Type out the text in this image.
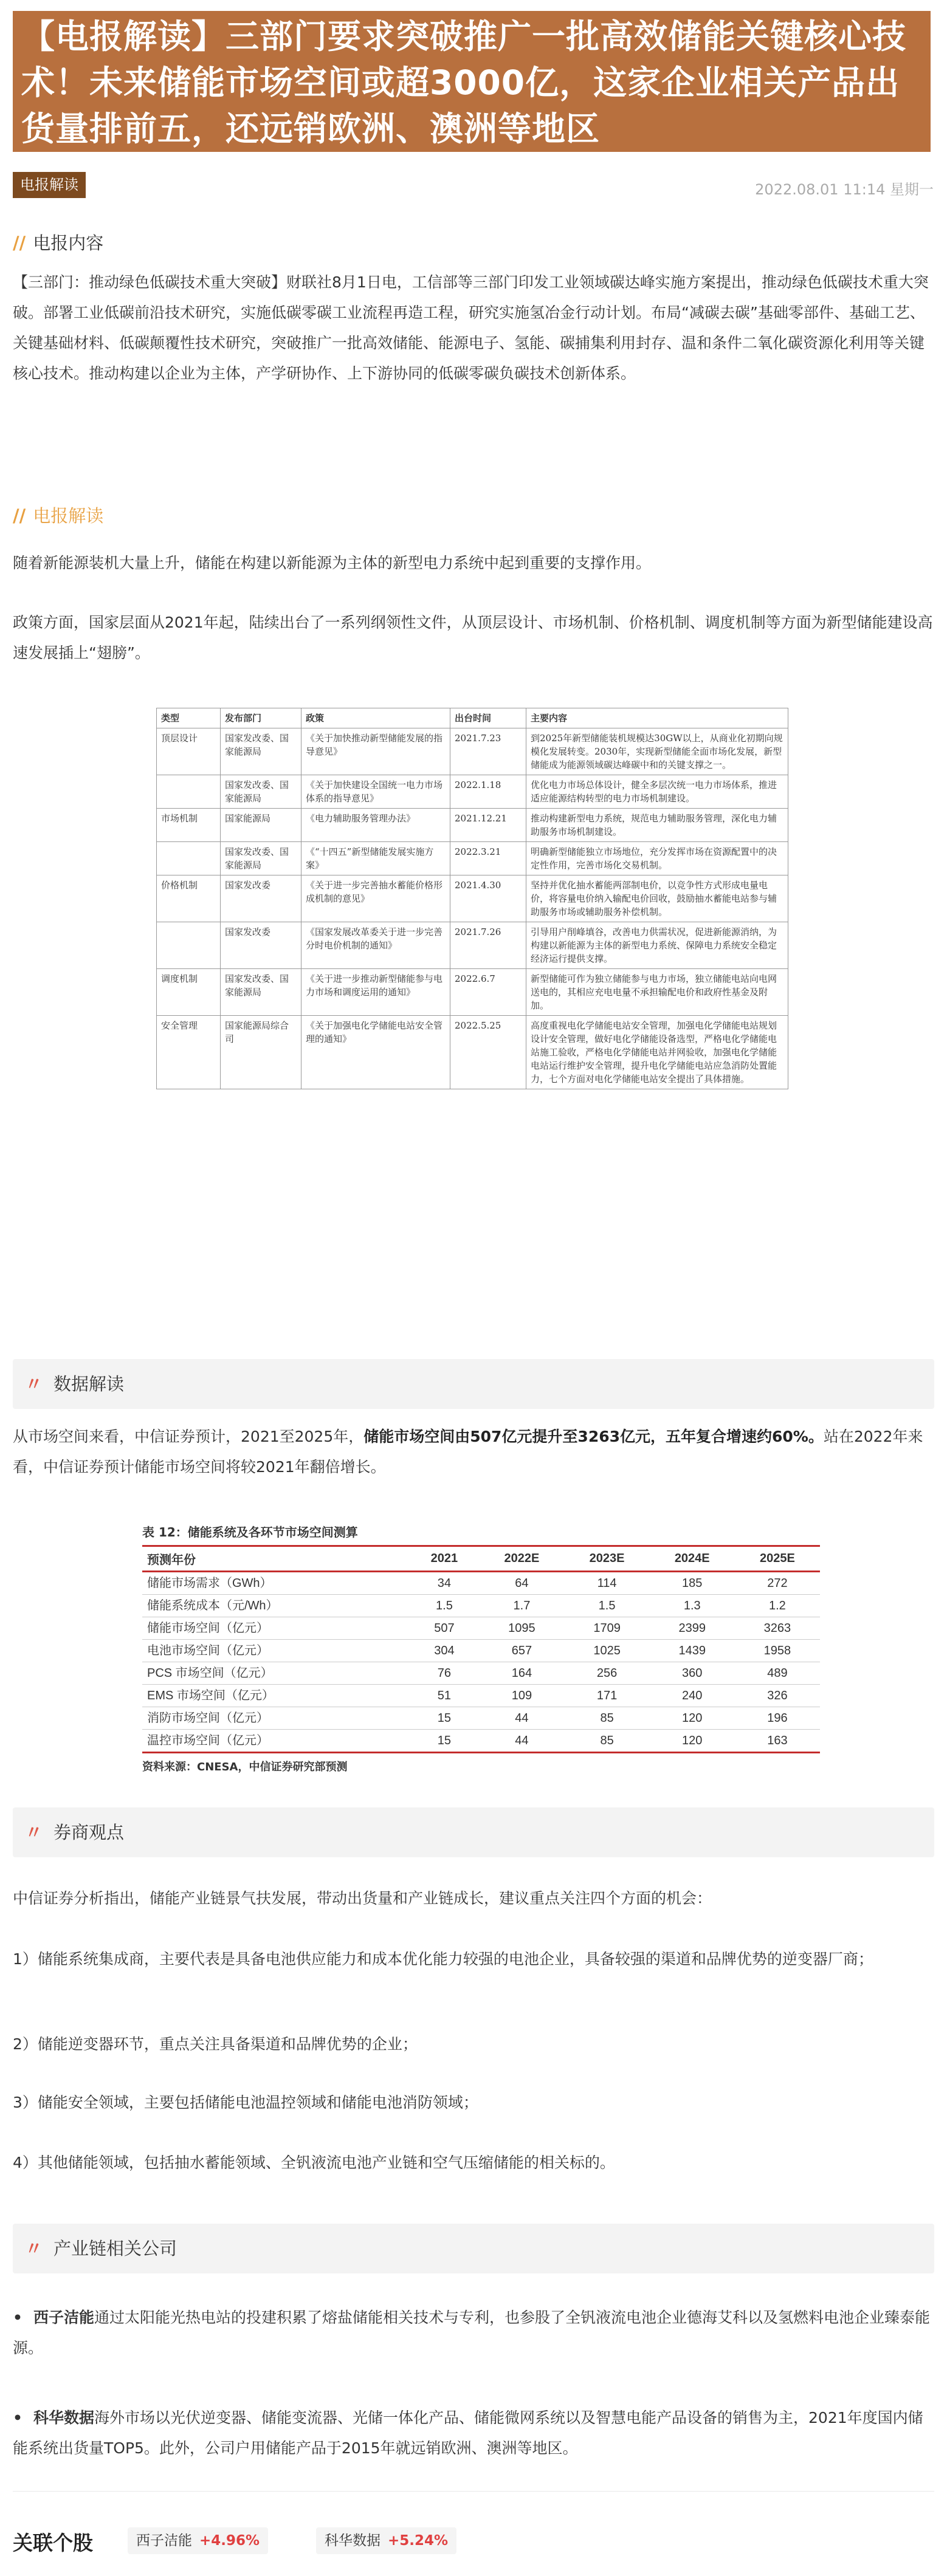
【电报解读】三部门要求突破推广一批高效储能关键核心技术！未来储能市场空间或超3000亿，这家企业相关产品出货量排前五，还远销欧洲、澳洲等地区
电报解读	2022.08.01 11:14 星期一
// 电报内容
【三部门：推动绿色低碳技术重大突破】财联社8月1日电，工信部等三部门印发工业领域碳达峰实施方案提出，推动绿色低碳技术重大突破。部署工业低碳前沿技术研究，实施低碳零碳工业流程再造工程，研究实施氢冶金行动计划。布局“减碳去碳”基础零部件、基础工艺、关键基础材料、低碳颠覆性技术研究，突破推广一批高效储能、能源电子、氢能、碳捕集利用封存、温和条件二氧化碳资源化利用等关键核心技术。推动构建以企业为主体，产学研协作、上下游协同的低碳零碳负碳技术创新体系。
// 电报解读
随着新能源装机大量上升，储能在构建以新能源为主体的新型电力系统中起到重要的支撑作用。
政策方面，国家层面从2021年起，陆续出台了一系列纲领性文件，从顶层设计、市场机制、价格机制、调度机制等方面为新型储能建设高速发展插上“翅膀”。
类型	发布部门	政策	出台时间	主要内容
顶层设计	国家发改委、国家能源局	《关于加快推动新型储能发展的指导意见》	2021.7.23	到2025年新型储能装机规模达30GW以上，从商业化初期向规模化发展转变。2030年，实现新型储能全面市场化发展，新型储能成为能源领域碳达峰碳中和的关键支撑之一。
	国家发改委、国家能源局	《关于加快建设全国统一电力市场体系的指导意见》	2022.1.18	优化电力市场总体设计，健全多层次统一电力市场体系，推进适应能源结构转型的电力市场机制建设。
市场机制	国家能源局	《电力辅助服务管理办法》	2021.12.21	推动构建新型电力系统，规范电力辅助服务管理，深化电力辅助服务市场机制建设。
	国家发改委、国家能源局	《“十四五”新型储能发展实施方案》	2022.3.21	明确新型储能独立市场地位，充分发挥市场在资源配置中的决定性作用，完善市场化交易机制。
价格机制	国家发改委	《关于进一步完善抽水蓄能价格形成机制的意见》	2021.4.30	坚持并优化抽水蓄能两部制电价，以竞争性方式形成电量电价，将容量电价纳入输配电价回收，鼓励抽水蓄能电站参与辅助服务市场或辅助服务补偿机制。
	国家发改委	《国家发展改革委关于进一步完善分时电价机制的通知》	2021.7.26	引导用户削峰填谷，改善电力供需状况，促进新能源消纳，为构建以新能源为主体的新型电力系统、保障电力系统安全稳定经济运行提供支撑。
调度机制	国家发改委、国家能源局	《关于进一步推动新型储能参与电力市场和调度运用的通知》	2022.6.7	新型储能可作为独立储能参与电力市场，独立储能电站向电网送电的，其相应充电电量不承担输配电价和政府性基金及附加。
安全管理	国家能源局综合司	《关于加强电化学储能电站安全管理的通知》	2022.5.25	高度重视电化学储能电站安全管理，加强电化学储能电站规划设计安全管理，做好电化学储能设备选型，严格电化学储能电站施工验收，严格电化学储能电站并网验收，加强电化学储能电站运行维护安全管理，提升电化学储能电站应急消防处置能力，七个方面对电化学储能电站安全提出了具体措施。
〃 数据解读
从市场空间来看，中信证券预计，2021至2025年，储能市场空间由507亿元提升至3263亿元，五年复合增速约60%。站在2022年来看，中信证券预计储能市场空间将较2021年翻倍增长。
表 12：储能系统及各环节市场空间测算
预测年份	2021	2022E	2023E	2024E	2025E
储能市场需求（GWh）	34	64	114	185	272
储能系统成本（元/Wh）	1.5	1.7	1.5	1.3	1.2
储能市场空间（亿元）	507	1095	1709	2399	3263
电池市场空间（亿元）	304	657	1025	1439	1958
PCS 市场空间（亿元）	76	164	256	360	489
EMS 市场空间（亿元）	51	109	171	240	326
消防市场空间（亿元）	15	44	85	120	196
温控市场空间（亿元）	15	44	85	120	163
资料来源：CNESA，中信证券研究部预测
〃 券商观点
中信证券分析指出，储能产业链景气扶发展，带动出货量和产业链成长，建议重点关注四个方面的机会：
1）储能系统集成商，主要代表是具备电池供应能力和成本优化能力较强的电池企业，具备较强的渠道和品牌优势的逆变器厂商；
2）储能逆变器环节，重点关注具备渠道和品牌优势的企业；
3）储能安全领域，主要包括储能电池温控领域和储能电池消防领域；
4）其他储能领域，包括抽水蓄能领域、全钒液流电池产业链和空气压缩储能的相关标的。
〃 产业链相关公司
• 西子洁能通过太阳能光热电站的投建积累了熔盐储能相关技术与专利，也参股了全钒液流电池企业德海艾科以及氢燃料电池企业臻泰能源。
• 科华数据海外市场以光伏逆变器、储能变流器、光储一体化产品、储能微网系统以及智慧电能产品设备的销售为主，2021年度国内储能系统出货量TOP5。此外，公司户用储能产品于2015年就远销欧洲、澳洲等地区。
关联个股	西子洁能 +4.96%	科华数据 +5.24%
